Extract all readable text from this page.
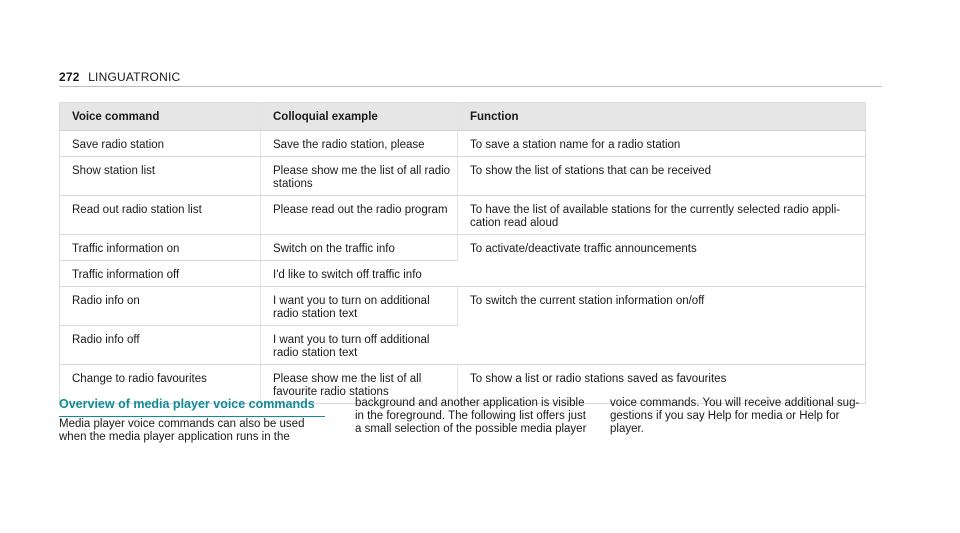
272 LINGUATRONIC
Voice command	Colloquial example	Function
Save radio station	Save the radio station, please	To save a station name for a radio station
Show station list	Please show me the list of all radio stations	To show the list of stations that can be received
Read out radio station list	Please read out the radio program	To have the list of available stations for the currently selected radio appli-cation read aloud
Traffic information on	Switch on the traffic info	To activate/deactivate traffic announcements
Traffic information off	I'd like to switch off traffic info	
Radio info on	I want you to turn on additional radio station text	To switch the current station information on/off
Radio info off	I want you to turn off additional radio station text	
Change to radio favourites	Please show me the list of all favourite radio stations	To show a list or radio stations saved as favourites
Overview of media player voice commands
Media player voice commands can also be used when the media player application runs in the
background and another application is visible in the foreground. The following list offers just a small selection of the possible media player
voice commands. You will receive additional sug-gestions if you say Help for media or Help for player.
